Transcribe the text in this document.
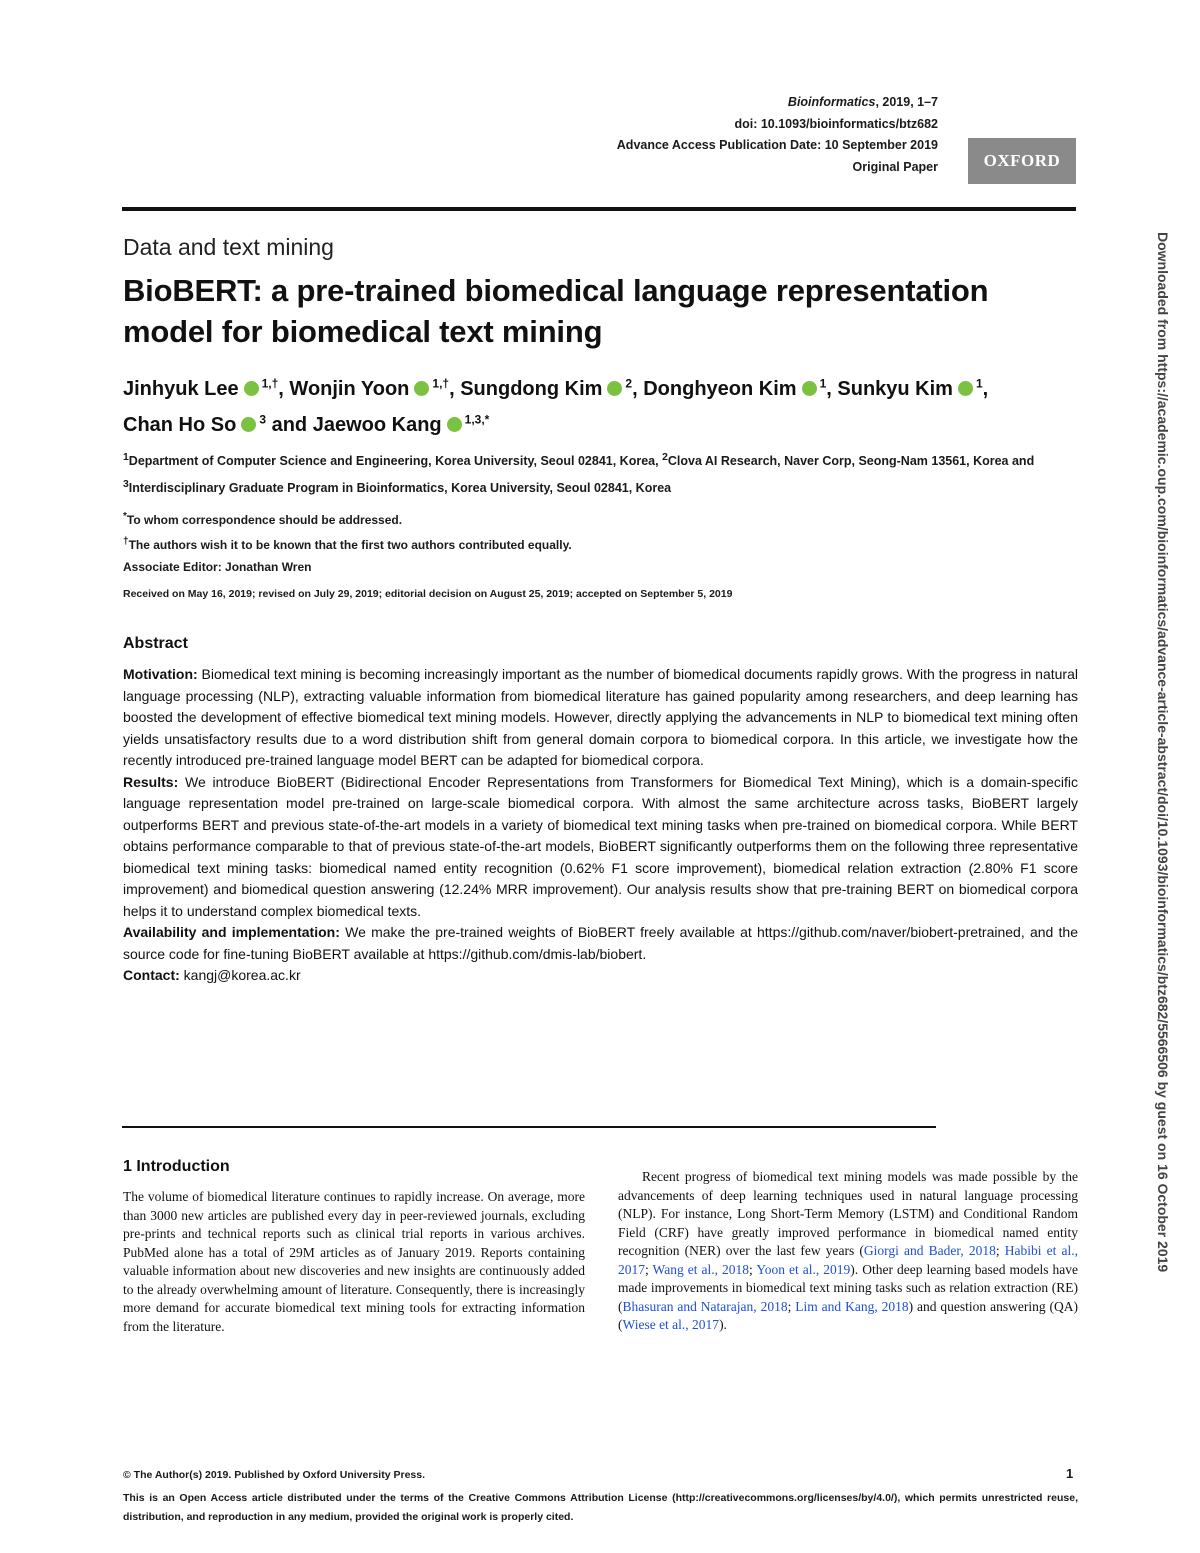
Bioinformatics, 2019, 1–7
doi: 10.1093/bioinformatics/btz682
Advance Access Publication Date: 10 September 2019
Original Paper	OXFORD
Data and text mining
BioBERT: a pre-trained biomedical language representation model for biomedical text mining
Jinhyuk Lee $^{1,\dagger}$, Wonjin Yoon $^{1,\dagger}$, Sungdong Kim $^2$, Donghyeon Kim $^1$, Sunkyu Kim $^1$, Chan Ho So $^3$ and Jaewoo Kang $^{1,3,*}$
$^1$Department of Computer Science and Engineering, Korea University, Seoul 02841, Korea, $^2$Clova AI Research, Naver Corp, Seong-Nam 13561, Korea and $^3$Interdisciplinary Graduate Program in Bioinformatics, Korea University, Seoul 02841, Korea
*To whom correspondence should be addressed.
†The authors wish it to be known that the first two authors contributed equally.
Associate Editor: Jonathan Wren
Received on May 16, 2019; revised on July 29, 2019; editorial decision on August 25, 2019; accepted on September 5, 2019
Abstract

Motivation: Biomedical text mining is becoming increasingly important as the number of biomedical documents rapidly grows. With the progress in natural language processing (NLP), extracting valuable information from biomedical literature has gained popularity among researchers, and deep learning has boosted the development of effective biomedical text mining models. However, directly applying the advancements in NLP to biomedical text mining often yields unsatisfactory results due to a word distribution shift from general domain corpora to biomedical corpora. In this article, we investigate how the recently introduced pre-trained language model BERT can be adapted for biomedical corpora.

Results: We introduce BioBERT (Bidirectional Encoder Representations from Transformers for Biomedical Text Mining), which is a domain-specific language representation model pre-trained on large-scale biomedical corpora. With almost the same architecture across tasks, BioBERT largely outperforms BERT and previous state-of-the-art models in a variety of biomedical text mining tasks when pre-trained on biomedical corpora. While BERT obtains performance comparable to that of previous state-of-the-art models, BioBERT significantly outperforms them on the following three representative biomedical text mining tasks: biomedical named entity recognition (0.62% F1 score improvement), biomedical relation extraction (2.80% F1 score improvement) and biomedical question answering (12.24% MRR improvement). Our analysis results show that pre-training BERT on biomedical corpora helps it to understand complex biomedical texts.

Availability and implementation: We make the pre-trained weights of BioBERT freely available at https://github.com/naver/biobert-pretrained, and the source code for fine-tuning BioBERT available at https://github.com/dmis-lab/biobert.

Contact: kangj@korea.ac.kr

1 Introduction
The volume of biomedical literature continues to rapidly increase. On average, more than 3000 new articles are published every day in peer-reviewed journals, excluding pre-prints and technical reports such as clinical trial reports in various archives. PubMed alone has a total of 29M articles as of January 2019. Reports containing valuable information about new discoveries and new insights are continuously added to the already overwhelming amount of literature. Consequently, there is increasingly more demand for accurate biomedical text mining tools for extracting information from the literature.
Recent progress of biomedical text mining models was made possible by the advancements of deep learning techniques used in natural language processing (NLP). For instance, Long Short-Term Memory (LSTM) and Conditional Random Field (CRF) have greatly improved performance in biomedical named entity recognition (NER) over the last few years (Giorgi and Bader, 2018; Habibi et al., 2017; Wang et al., 2018; Yoon et al., 2019). Other deep learning based models have made improvements in biomedical text mining tasks such as relation extraction (RE) (Bhasuran and Natarajan, 2018; Lim and Kang, 2018) and question answering (QA) (Wiese et al., 2017).
© The Author(s) 2019. Published by Oxford University Press.	1
This is an Open Access article distributed under the terms of the Creative Commons Attribution License (http://creativecommons.org/licenses/by/4.0/), which permits unrestricted reuse, distribution, and reproduction in any medium, provided the original work is properly cited.
Downloaded from https://academic.oup.com/bioinformatics/advance-article-abstract/doi/10.1093/bioinformatics/btz682/5566506 by guest on 16 October 2019
